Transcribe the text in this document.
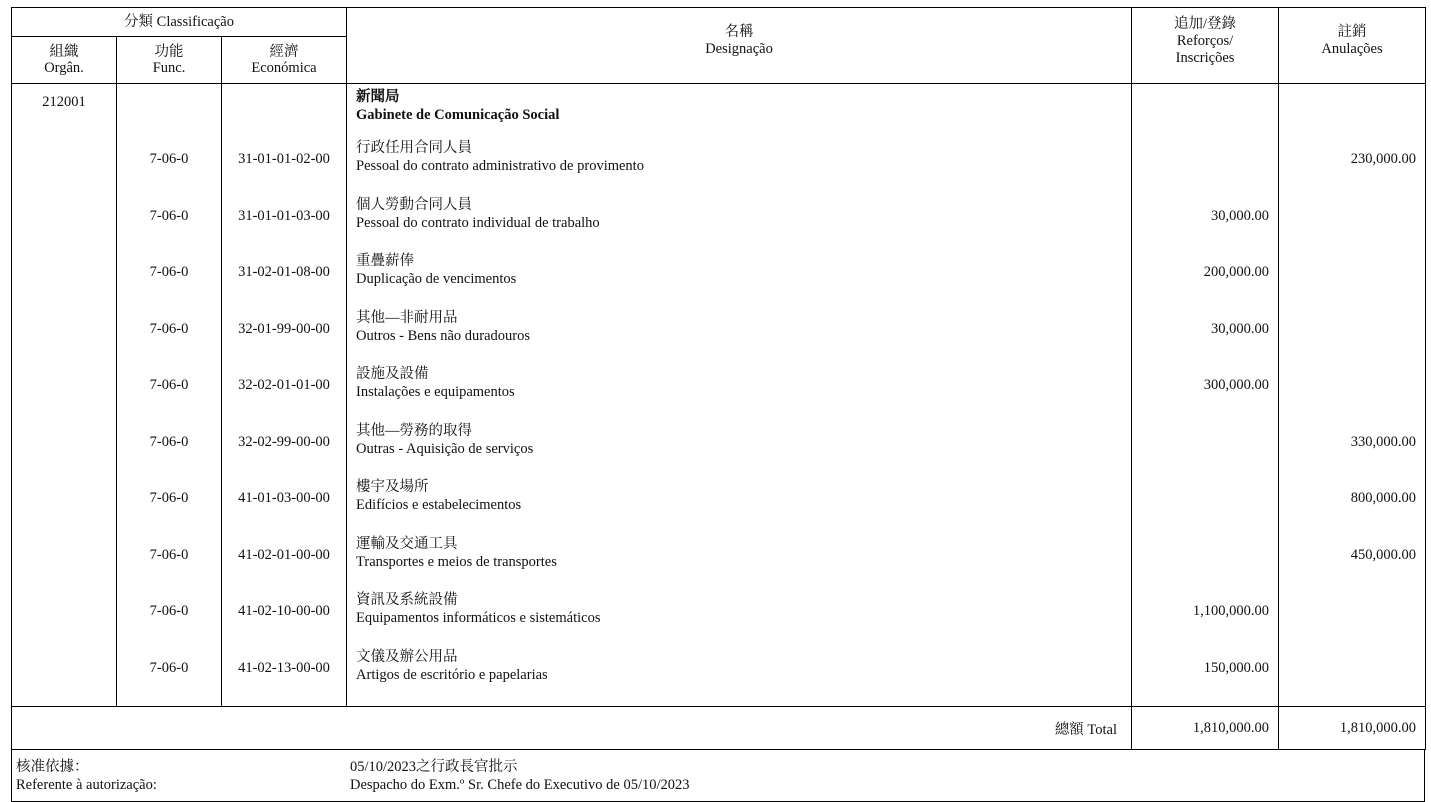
分類 Classificação			名稱
Designação	追加/登錄
Reforços/
Inscrições	註銷
Anulações
組織
Orgân.	功能
Func.	經濟
Económica			
212001			新聞局
Gabinete de Comunicação Social		

	7-06-0	31-01-01-02-00	行政任用合同人員
Pessoal do contrato administrativo de provimento		230,000.00
	7-06-0	31-01-01-03-00	個人勞動合同人員
Pessoal do contrato individual de trabalho	30,000.00	
	7-06-0	31-02-01-08-00	重疊薪俸
Duplicação de vencimentos	200,000.00	
	7-06-0	32-01-99-00-00	其他—非耐用品
Outros - Bens não duradouros	30,000.00	
	7-06-0	32-02-01-01-00	設施及設備
Instalações e equipamentos	300,000.00	
	7-06-0	32-02-99-00-00	其他—勞務的取得
Outras - Aquisição de serviços		330,000.00
	7-06-0	41-01-03-00-00	樓宇及場所
Edifícios e estabelecimentos		800,000.00
	7-06-0	41-02-01-00-00	運輸及交通工具
Transportes e meios de transportes		450,000.00
	7-06-0	41-02-10-00-00	資訊及系統設備
Equipamentos informáticos e sistemáticos	1,100,000.00	
	7-06-0	41-02-13-00-00	文儀及辦公用品
Artigos de escritório e papelarias	150,000.00	
總額 Total				1,810,000.00	1,810,000.00
核准依據：
Referente à autorização:
05/10/2023之行政長官批示
Despacho do Exm.º Sr. Chefe do Executivo de 05/10/2023
